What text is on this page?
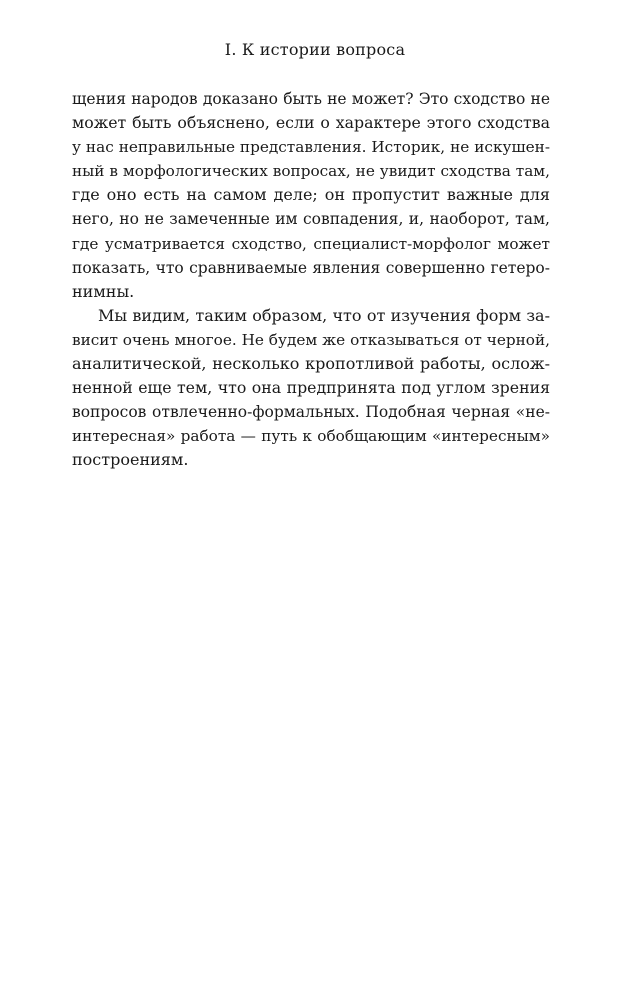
I. К истории вопроса
щения народов доказано быть не может? Это сходство не
может быть объяснено, если о характере этого сходства
у нас неправильные представления. Историк, не искушен-
ный в морфологических вопросах, не увидит сходства там,
где оно есть на самом деле; он пропустит важные для
него, но не замеченные им совпадения, и, наоборот, там,
где усматривается сходство, специалист-морфолог может
показать, что сравниваемые явления совершенно гетеро-
нимны.
Мы видим, таким образом, что от изучения форм за-
висит очень многое. Не будем же отказываться от черной,
аналитической, несколько кропотливой работы, ослож-
ненной еще тем, что она предпринята под углом зрения
вопросов отвлеченно-формальных. Подобная черная «не-
интересная» работа — путь к обобщающим «интересным»
построениям.
